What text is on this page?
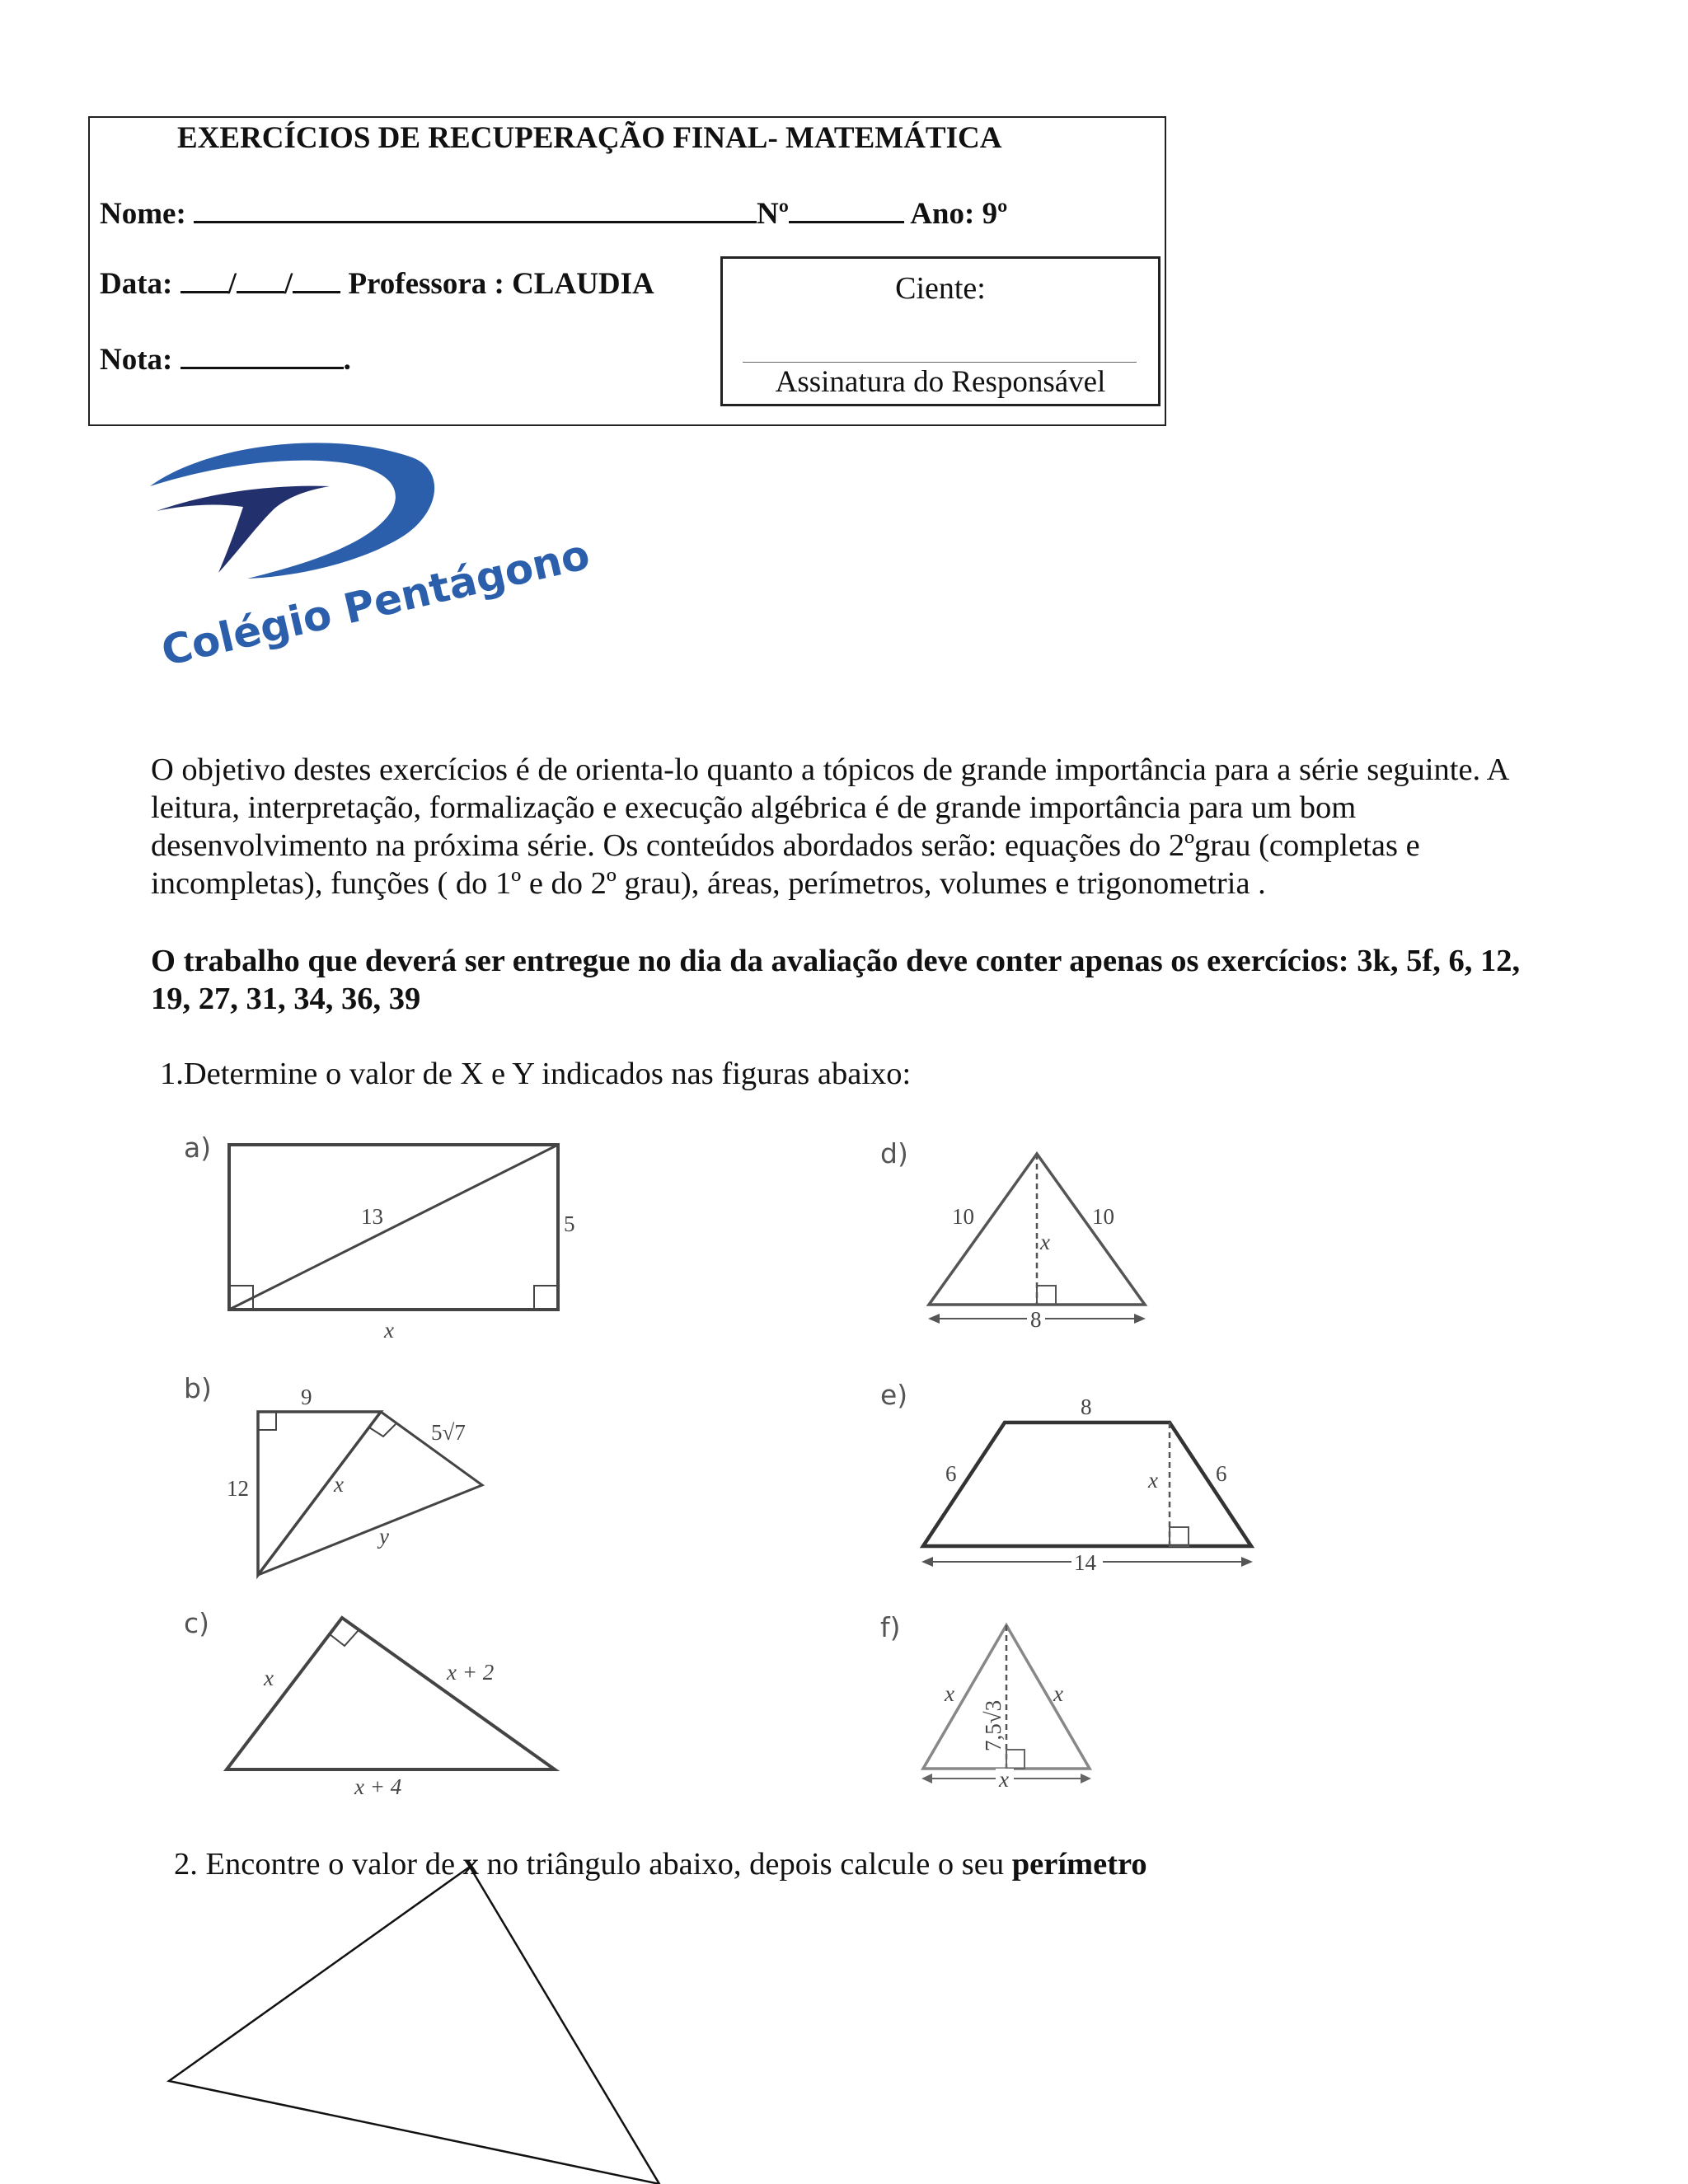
EXERCÍCIOS DE RECUPERAÇÃO FINAL- MATEMÁTICA
Nome:	Nº	Ano: 9º
Data: / / Professora : CLAUDIA
Nota:	.
Ciente:
Assinatura do Responsável
Colégio Pentágono
O objetivo destes exercícios é de orienta-lo quanto a tópicos de grande importância para a série seguinte. A
leitura, interpretação, formalização e execução algébrica é de grande importância para um bom
desenvolvimento na próxima série. Os conteúdos abordados serão: equações do 2ºgrau (completas e
incompletas), funções ( do 1º e do 2º grau), áreas, perímetros, volumes e trigonometria .
O trabalho que deverá ser entregue no dia da avaliação deve conter apenas os exercícios: 3k, 5f, 6, 12,
19, 27, 31, 34, 36, 39
1.Determine o valor de X e Y indicados nas figuras abaixo:
a)
13	5
x
b)	9
12	x
5√7
y
c)
x	x + 2
x + 4
d)
8
10	10
x
e)
14
8
6	6
x
f)
x
x	x
7,5√3
2. Encontre o valor de x no triângulo abaixo, depois calcule o seu perímetro
